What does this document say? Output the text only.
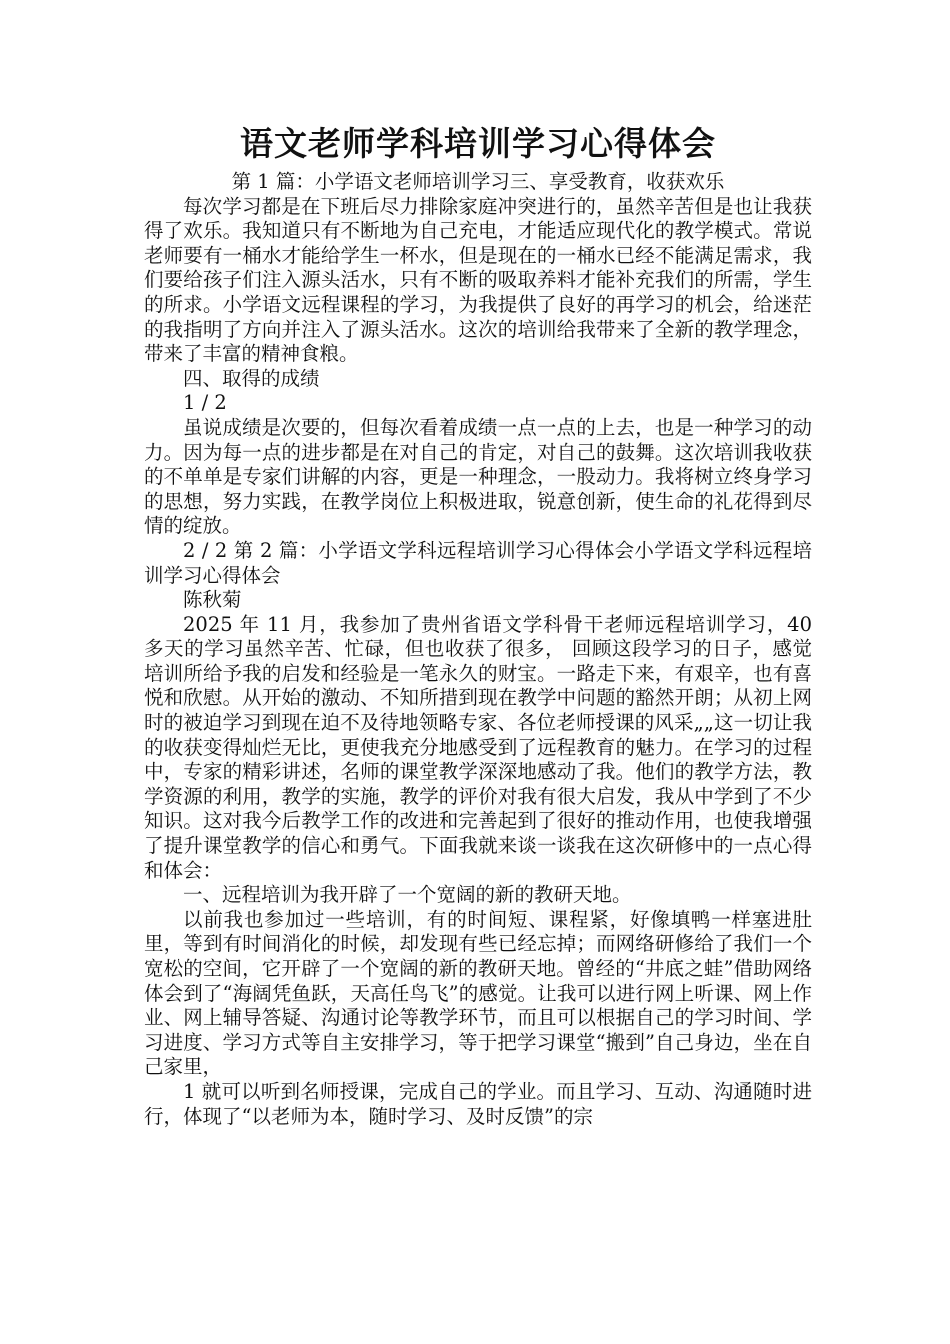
语文老师学科培训学习心得体会

第 1 篇：小学语文老师培训学习三、享受教育，收获欢乐

每次学习都是在下班后尽力排除家庭冲突进行的，虽然辛苦但是也让我获得了欢乐。我知道只有不断地为自己充电，才能适应现代化的教学模式。常说老师要有一桶水才能给学生一杯水，但是现在的一桶水已经不能满足需求，我们要给孩子们注入源头活水，只有不断的吸取养料才能补充我们的所需，学生的所求。小学语文远程课程的学习，为我提供了良好的再学习的机会，给迷茫的我指明了方向并注入了源头活水。这次的培训给我带来了全新的教学理念，带来了丰富的精神食粮。

四、取得的成绩

1 / 2

虽说成绩是次要的，但每次看着成绩一点一点的上去，也是一种学习的动力。因为每一点的进步都是在对自己的肯定，对自己的鼓舞。这次培训我收获的不单单是专家们讲解的内容，更是一种理念，一股动力。我将树立终身学习的思想，努力实践，在教学岗位上积极进取，锐意创新，使生命的礼花得到尽情的绽放。

2 / 2 第 2 篇：小学语文学科远程培训学习心得体会小学语文学科远程培训学习心得体会

陈秋菊

2025 年 11 月，我参加了贵州省语文学科骨干老师远程培训学习，40 多天的学习虽然辛苦、忙碌，但也收获了很多， 回顾这段学习的日子，感觉培训所给予我的启发和经验是一笔永久的财宝。一路走下来，有艰辛，也有喜悦和欣慰。从开始的激动、不知所措到现在教学中问题的豁然开朗；从初上网时的被迫学习到现在迫不及待地领略专家、各位老师授课的风采„„这一切让我的收获变得灿烂无比，更使我充分地感受到了远程教育的魅力。在学习的过程中，专家的精彩讲述，名师的课堂教学深深地感动了我。他们的教学方法，教学资源的利用，教学的实施，教学的评价对我有很大启发，我从中学到了不少知识。这对我今后教学工作的改进和完善起到了很好的推动作用，也使我增强了提升课堂教学的信心和勇气。下面我就来谈一谈我在这次研修中的一点心得和体会：

一、远程培训为我开辟了一个宽阔的新的教研天地。

以前我也参加过一些培训，有的时间短、课程紧，好像填鸭一样塞进肚里，等到有时间消化的时候，却发现有些已经忘掉；而网络研修给了我们一个宽松的空间，它开辟了一个宽阔的新的教研天地。曾经的“井底之蛙”借助网络体会到了“海阔凭鱼跃，天高任鸟飞”的感觉。让我可以进行网上听课、网上作业、网上辅导答疑、沟通讨论等教学环节，而且可以根据自己的学习时间、学习进度、学习方式等自主安排学习，等于把学习课堂“搬到”自己身边，坐在自己家里，

1 就可以听到名师授课，完成自己的学业。而且学习、互动、沟通随时进行，体现了“以老师为本，随时学习、及时反馈”的宗
